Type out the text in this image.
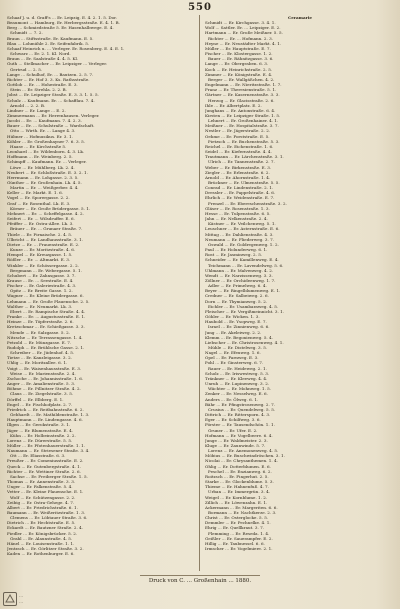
550

Schaaf J. u. d. Graff's ... Er. Leipzig, E. 4. 2. 1. 5. Dor.

Beaumont ... Hamburg, Er. Herbergsstraße. E. 4. 1. B.

Berg ... Schmiedstraße 5. Er. Hasenhalbwege. E. 4.

Schmidt ... 7. 2.

Braun ... Stiftsstraße. Er. Kaufmann. E. 5.

Blau ... Lohmühle 2. Er. Seifenfabrik. 5.

Schaaf Heinrich u. ... Verleger. Er. Rosenberg. E. 4. E. 1.

Schwarz ... Er. 2. 1. Kl. Nord.

Braun ... Er. Saalstraße 4. 4. 5. Kl.

Guth ... Stellmacher ... Er. Leipziger ... Verleger.

Gertrud ... 2. 5.

Lange ... Schulhof, Er. ... Bautzen. 2. 5. 7.

Richter ... Er. Hof 3. 3. Ks. Rathsstraße.

Gottlob ... Er. ... Hohestraße. E. 3.

Stein ... Er. Strehla. 2. 2. B.

Jobst ... Er. Leipziger Straße. E. 3. 3. 1. 5. 5.

Schulz ... Kaufmann. Er. ... Schafflau. 7. 4.

Arnold ... 2. 2. B.

Lindner ... Er. Lange ... E. 2.

Zimmermann ... Er. Herrenhausen. Verleger.

Jacobi ... Er. ... Kaufmann. 7. 4. 2. 3.

Bauer ... Er. ... Schulstraße ... Wardschaft.

Otto ... Wirth. Er. ... Lange 4. 3.

Hübner ... Hofmusikus. Er. 3. 1.

Köhler ... Er. Großenhayner 7. 6. 3. 5.

Haase ... Er. Kirchstraße 5.

Leonhard ... Er. Wildenborn. 4. 3. Lk.

Hoffmann ... Er. Weinberg. 2. 5.

Schimpff ... Kaufmann. Er. ... Verleger.

Löwe ... Er. Mühlberg. Lk. 2. 4.

Neubert ... Er. Schloßstraße. E. 3. 2. 1.

Herrmann ... Er. Lohgasse. 2. 3. 5.

Günther ... Er. Großenhain. Lk. 4. 5.

Martin ... Er. ... Weißgerber. 4. 4.

Keller ... Er. Markt. E. 1. 6.

Vogel ... Er. Sporergasse. 2. 2.

Graf ... Er. Rosenthal. Lk. E. 3.

Körner ... Er. Große Brüdergasse. 5. 1.

Mehnert ... Er. ... Scheffelgasse. 4. 2.

Seifert ... Er. ... Wilsdruffer. E. 6.

Pfeiffer ... Er. Ostra-Allee. Lk. 3.

Bräuer ... Er. ... Grunaer Straße. 7.

Thiele ... Er. Pirnaische. 2. 4. 5.

Ulbricht ... Er. Landhausstraße. 3. 1.

Dietze ... Er. ... Frauenstraße. E. 2.

Kunze ... Er. Moritzstraße. 4. 6.

Hempel ... Er. Kreuzgasse. 1. 5.

Rößler ... Er. ... Altmarkt. E. 3.

Winkler ... Er. Schössergasse. 2. 2.

Bergmann ... Er. Webergasse. 5. 1.

Schubert ... Er. Zahnsgasse. 3. 7.

Krause ... Er. ... Seestraße. E. 4.

Fischer ... Er. Galeriestraße. 4. 3.

Opitz ... Er. Breite Gasse. 1. 2.

Wagner ... Er. Kleine Brüdergasse. 6.

Lehmann ... Er. Große Plauensche. 2. 5.

Walther ... Er. Neumarkt. Lk. 3.

Ebert ... Er. Rampische Straße. 4. 4.

Franke ... Er. ... Augustusstraße. E. 1.

Heinze ... Er. Töpferstraße. 2. 6.

Kretzschmar ... Er. Schießgasse. 3. 3.

Mende ... Er. Salzgasse. 5. 2.

Nitzsche ... Er. Terrassengasse. 1. 4.

Petzold ... Er. Münzgasse. E. 7.

Rudolph ... Er. Brühlsche Gasse. 2. 1.

Schreiber ... Er. Jüdenhof. 4. 5.

Tietze ... Er. Kanzleigasse. 3. 2.

Uhlig ... Er. Moritzallee. 6. 1.

Voigt ... Er. Waisenhausstraße. E. 3.

Weise ... Er. Marienstraße. 2. 4.

Zschoche ... Er. Johannisstraße. 1. 6.

Anger ... Er. Amalienstraße. 5. 3.

Böhme ... Er. Pillnitzer Straße. 4. 2.

Claus ... Er. Ziegelstraße. 3. 5.

Dörffel ... Er. Elbberg. E. 1.

Engel ... Er. Fischhofplatz. 2. 7.

Friedrich ... Er. Reitbahnstraße. 6. 2.

Gebhardt ... Er. Mathildenstraße. 1. 3.

Hauptmann ... Er. Lindengasse. 4. 6.

Illgen ... Er. Gerokstraße. 3. 1.

Jäger ... Er. Blumenstraße. E. 4.

Kühn ... Er. Holbeinstraße. 2. 2.

Lorenz ... Er. Dürerstraße. 5. 5.

Müller ... Er. Pfotenhauerstraße. 1. 1.

Naumann ... Er. Striesener Straße. 3. 4.

Ott ... Er. Eliasstraße. 6. 3.

Preußer ... Er. Comeniusstraße. E. 2.

Queck ... Er. Gutenbergstraße. 4. 1.

Richter ... Er. Wettiner Straße. 2. 6.

Sachse ... Er. Freiberger Straße. 1. 5.

Thomas ... Er. Annenstraße. 3. 3.

Unger ... Er. Falkenstraße. 5. 4.

Vetter ... Er. Kleine Plauensche. E. 1.

Wolf ... Er. Schützengasse. 2. 2.

Zeibig ... Er. Ostra-Gehege. 4. 7.

Albert ... Er. Friedrichstraße. 6. 1.

Baumann ... Er. Weißeritzstraße. 1. 3.

Clemens ... Er. Löbtauer Straße. 3. 6.

Dietrich ... Er. Hechtstraße. E. 5.

Eckardt ... Er. Bautzner Straße. 2. 4.

Fiedler ... Er. Königsbrücker. 5. 2.

Grahl ... Er. Alaunstraße. 4. 5.

Hänel ... Er. Louisenstraße. 1. 1.

Jentzsch ... Er. Görlitzer Straße. 3. 2.

Kaden ... Er. Rothenburger. E. 6.

Ceramarie

Schmidt ... Er. Kirchgasse. 3. 4. 1.

Wolf ... Sattler. Er. ... Leipziger. E. 2.

Hartmann ... Er. Große Meißner. 5. 5.

Richter ... Er. ... Hofmann. 2. 3.

Heyne ... Er. Neustädter Markt. 4. 1.

Müller ... Er. Hauptstraße. E. 7.

Fischer ... Er. Klostergasse. 1. 2.

Bauer ... Er. Rähnitzgasse. 3. 6.

Lange ... Er. Obergraben. 6. 3.

Koch ... Er. Heinrichstraße. 2. 5.

Zimmer ... Er. Königstraße. E. 4.

Berger ... Er. Wallgäßchen. 4. 2.

Engelmann ... Er. Nieritzstraße. 1. 7.

Franz ... Er. Theresienstraße. 5. 1.

Gärtner ... Er. Kasernenstraße. 3. 3.

Herzog ... Er. Glacisstraße. 2. 6.

Ihle ... Er. Albertplatz. E. 2.

Junghans ... Er. Antonstraße. 6. 4.

Kirsten ... Er. Leipziger Straße. 1. 5.

Lehnert ... Er. Großenhainer. 4. 1.

Meißner ... Er. Hospitalstraße. 3. 7.

Nestler ... Er. Jägerstraße. 2. 2.

Oehme ... Er. Forststraße. E. 5.

Pietzsch ... Er. Buchenstraße. 5. 3.

Reichel ... Er. Eichenstraße. 1. 6.

Seidel ... Er. Kiefernstraße. 4. 4.

Trautmann ... Er. Lärchenstraße. 3. 1.

Ulrich ... Er. Tannenstraße. 2. 7.

Weber ... Er. Birkenstraße. E. 3.

Ziegler ... Er. Erlenstraße. 6. 2.

Arnold ... Er. Ahornstraße. 1. 4.

Brückner ... Er. Ulmenstraße. 5. 5.

Conrad ... Er. Lindenstraße. 2. 1.

Dressler ... Er. Pappelstraße. 4. 6.

Ehrlich ... Er. Weidenstraße. E. 7.

Frenzel ... Er. Ebereschenstraße. 3. 2.

Gläser ... Er. Rosenstraße. 1. 3.

Hesse ... Er. Tulpenstraße. 6. 5.

Jahn ... Er. Nelkenstraße. 2. 4.

Kästner ... Er. Veilchenweg. 5. 1.

Leuschner ... Er. Asternstraße. E. 6.

Mittag ... Er. Dahlienstraße. 4. 3.

Neumann ... Er. Fliederweg. 3. 7.

Oswald ... Er. Goldregenweg. 1. 2.

Paul ... Er. Holunderweg. 6. 1.

Rost ... Er. Jasminweg. 2. 5.

Schneider ... Er. Kamillenweg. E. 4.

Teichmann ... Er. Lavendelweg. 5. 6.

Uhlmann ... Er. Malvenweg. 4. 2.

Wendt ... Er. Narzissenweg. 3. 3.

Zöllner ... Er. Orchideenweg. 1. 7.

Adler ... Er. Primelweg. 6. 4.

Beyer ... Er. Ringelblumenweg. E. 1.

Credner ... Er. Salbeiweg. 2. 6.

Dorn ... Er. Thymianweg. 5. 2.

Eichler ... Er. Usambaraweg. 4. 5.

Fleischer ... Er. Vergißmeinnicht. 3. 1.

Göhler ... Er. Wicken. 1. 3.

Haubold ... Er. Ysopweg. E. 7.

Israel ... Er. Zinnienweg. 6. 6.

Jung ... Er. Akeleiweg. 2. 2.

Klemm ... Er. Begonienweg. 5. 4.

Liebscher ... Er. Christrosenweg. 4. 1.

Mühle ... Er. Distelweg. 3. 5.

Nagel ... Er. Efeuweg. 1. 6.

Opel ... Er. Farnweg. E. 3.

Pohl ... Er. Ginsterweg. 6. 7.

Rauer ... Er. Heideweg. 2. 1.

Scholz ... Er. Iriswestweg. 5. 3.

Tränkner ... Er. Kleeweg. 4. 4.

Unruh ... Er. Lupinenweg. 3. 2.

Wächter ... Er. Mohnweg. 1. 5.

Zenker ... Er. Nesselweg. E. 6.

Anders ... Er. Ölweg. 6. 1.

Bähr ... Er. Pfingstrosenweg. 2. 7.

Crusius ... Er. Quendelweg. 5. 5.

Dittrich ... Er. Rittersporn. 4. 3.

Eger ... Er. Schilfweg. 3. 6.

Förster ... Er. Tausendschön. 1. 1.

Gruner ... Er. Ufer. E. 2.

Hofmann ... Er. Vogelbeere. 6. 4.

Junge ... Er. Waldmeister. 2. 3.

Kluge ... Er. Zaunwinde. 5. 7.

Lorenz ... Er. Anemonenweg. 4. 5.

Möbius ... Er. Buschwindröschen. 3. 1.

Nicolai ... Er. Chrysanthemen. 1. 4.

Ohlig ... Er. Dotterblumen. E. 6.

Peschel ... Er. Enzianweg. 6. 2.

Roitzsch ... Er. Fingerhut. 2. 5.

Starke ... Er. Glockenblume. 5. 3.

Thieme ... Er. Hahnenfuß. 4. 7.

Urban ... Er. Immergrün. 3. 4.

Weigel ... Er. Kornblume. 1. 2.

Zillich ... Er. Löwenzahn. E. 1.

Ackermann ... Er. Margeriten. 6. 6.

Bormann ... Er. Nachtkerze. 2. 3.

Christ ... Er. Osterglocke. 5. 5.

Demmler ... Er. Pechnelke. 4. 1.

Ehrig ... Er. Quellkraut. 3. 7.

Flemming ... Er. Reseda. 1. 4.

Geißler ... Er. Sauerampfer. E. 2.

Hillig ... Er. Taubnessel. 6. 6.

Irmscher ... Er. Vogelmiere. 2. 1.

Druck von C. ... Großenhain ... 1880.
...
...
